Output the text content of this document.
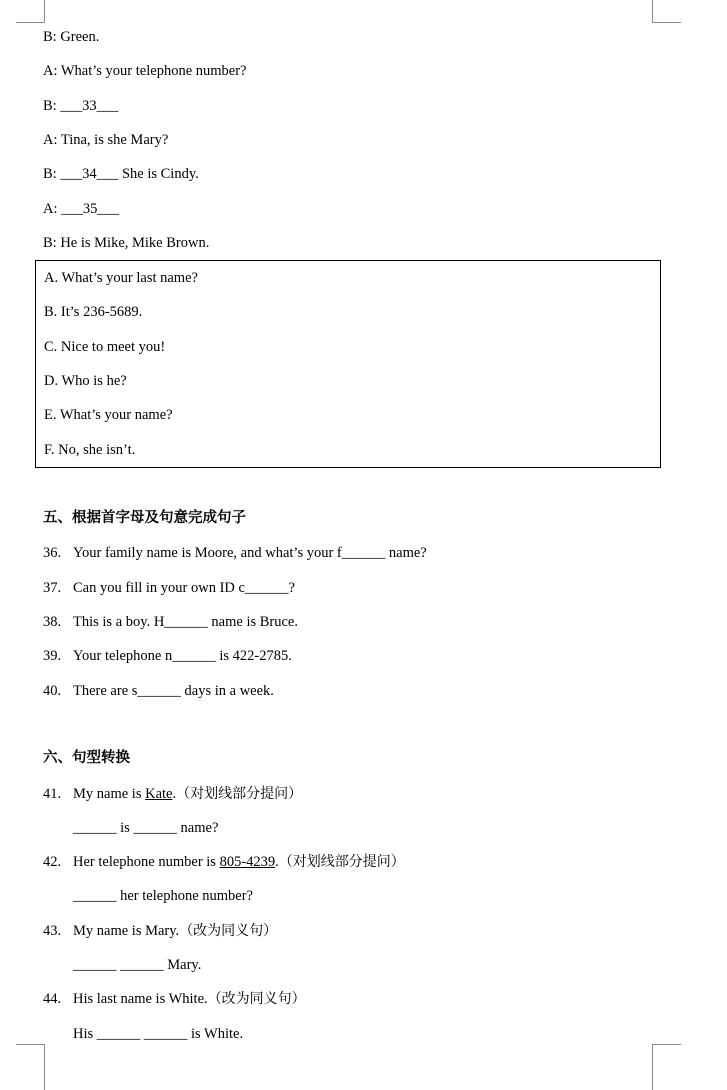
B: Green.
A: What’s your telephone number?
B: ___33___
A: Tina, is she Mary?
B: ___34___ She is Cindy.
A: ___35___
B: He is Mike, Mike Brown.
A. What’s your last name?
B. It’s 236-5689.
C. Nice to meet you!
D. Who is he?
E. What’s your name?
F. No, she isn’t.
五、根据首字母及句意完成句子
36. Your family name is Moore, and what’s your f______ name?
37. Can you fill in your own ID c______?
38. This is a boy. H______ name is Bruce.
39. Your telephone n______ is 422-2785.
40. There are s______ days in a week.
六、句型转换
41. My name is Kate.（对划线部分提问）
______ is ______ name?
42. Her telephone number is 805-4239.（对划线部分提问）
______ her telephone number?
43. My name is Mary.（改为同义句）
______ ______ Mary.
44. His last name is White.（改为同义句）
His ______ ______ is White.
